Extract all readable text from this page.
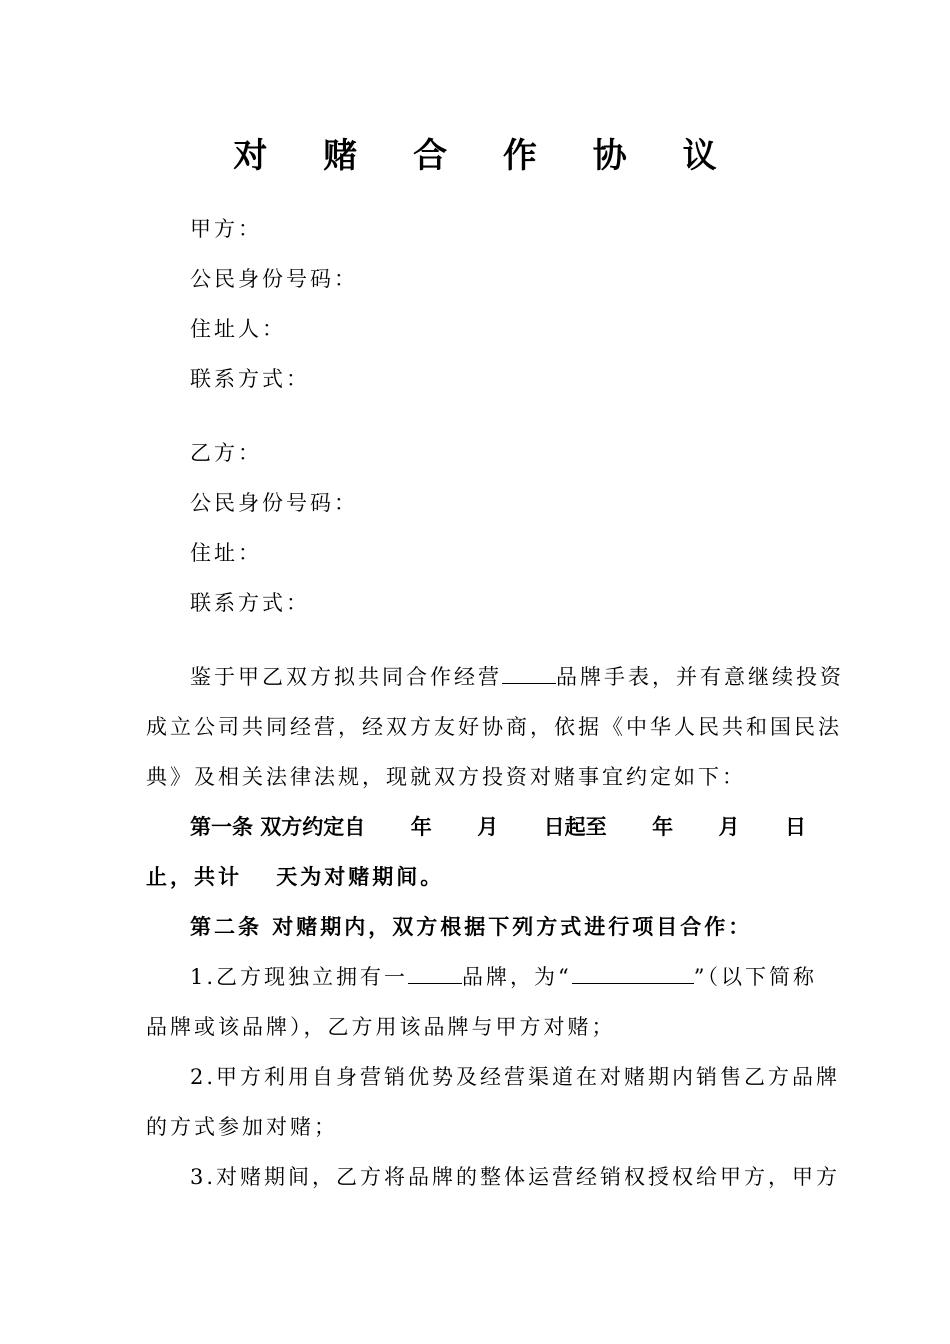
对 赌 合 作 协 议
甲方：
公民身份号码：
住址人：
联系方式：
乙方：
公民身份号码：
住址：
联系方式：
鉴于甲乙双方拟共同合作经营	品牌手表，并有意继续投资
成立公司共同经营，经双方友好协商，依据《中华人民共和国民法
典》及相关法律法规，现就双方投资对赌事宜约定如下：
第一条 双方约定自 年 月 日起至 年 月 日
止，共计　 天为对赌期间。
第二条 对赌期内，双方根据下列方式进行项目合作：
1.乙方现独立拥有一	品牌，为“	”（以下简称
品牌或该品牌），乙方用该品牌与甲方对赌；
2.甲方利用自身营销优势及经营渠道在对赌期内销售乙方品牌
的方式参加对赌；
3.对赌期间，乙方将品牌的整体运营经销权授权给甲方，甲方
